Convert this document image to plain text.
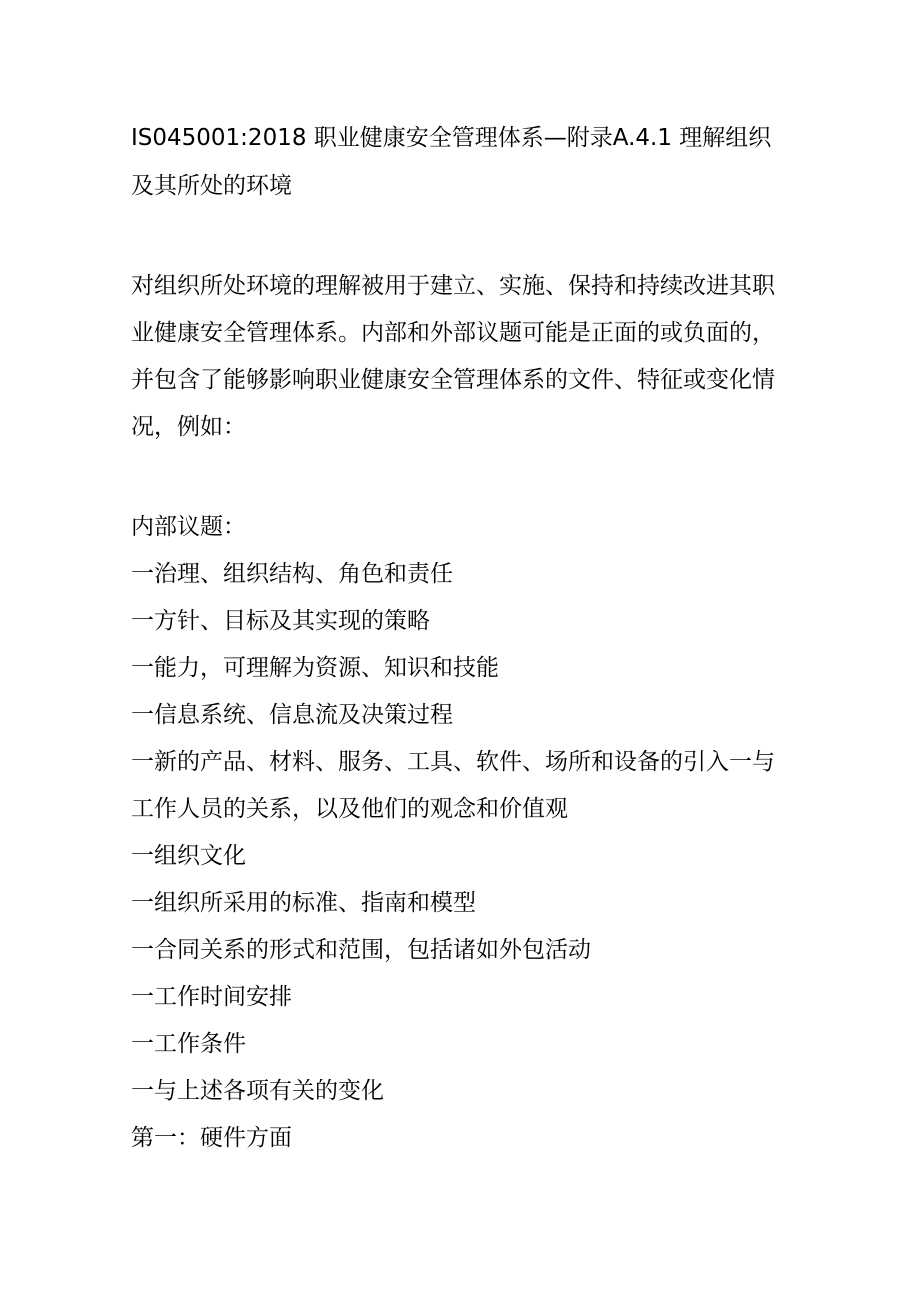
IS045001:2018 职业健康安全管理体系—附录A.4.1 理解组织及其所处的环境

对组织所处环境的理解被用于建立、实施、保持和持续改进其职业健康安全管理体系。内部和外部议题可能是正面的或负面的，并包含了能够影响职业健康安全管理体系的文件、特征或变化情况，例如：

内部议题：
一治理、组织结构、角色和责任
一方针、目标及其实现的策略
一能力，可理解为资源、知识和技能
一信息系统、信息流及决策过程
一新的产品、材料、服务、工具、软件、场所和设备的引入一与工作人员的关系，以及他们的观念和价值观
一组织文化
一组织所采用的标准、指南和模型
一合同关系的形式和范围，包括诸如外包活动
一工作时间安排
一工作条件
一与上述各项有关的变化
第一：硬件方面
